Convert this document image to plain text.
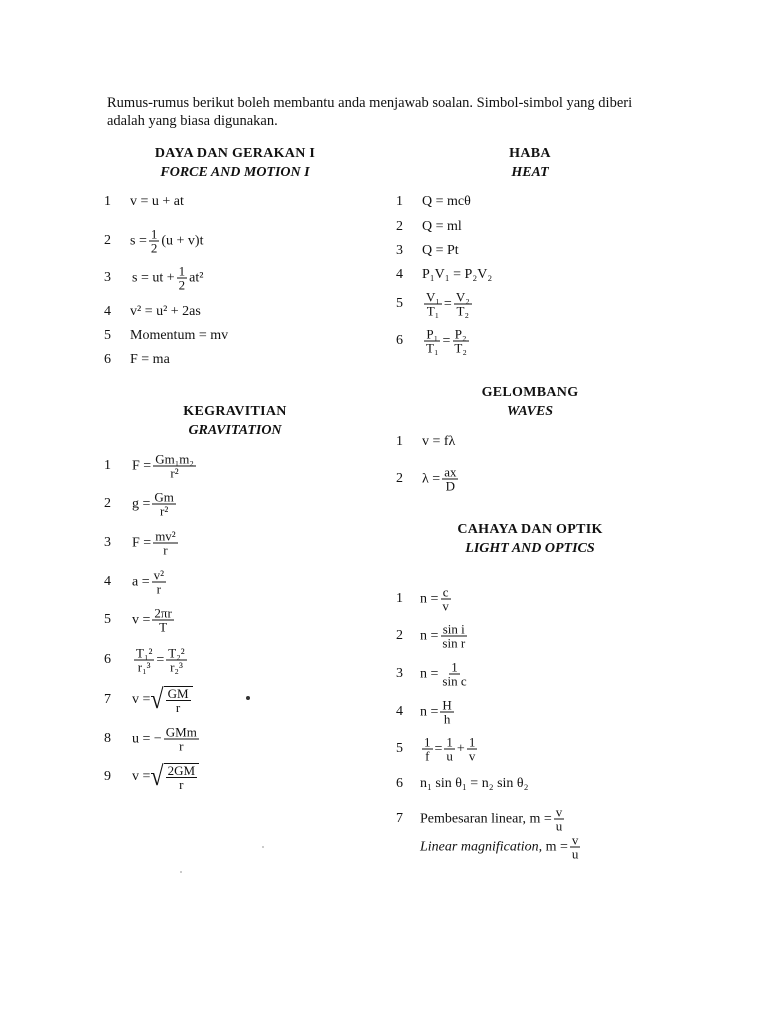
Rumus-rumus berikut boleh membantu anda menjawab soalan. Simbol-simbol yang diberi
adalah yang biasa digunakan.
DAYA DAN GERAKAN I
FORCE AND MOTION I
1 v = u + at
2 $s = \frac{1}{2} (u + v)t$
3 s = ut + $\frac{1}{2} at^2$
4 v² = u² + 2as
5 Momentum = mv
6 F = ma
HABA
HEAT
1 Q = mcθ
2 Q = ml
3 Q = Pt
4 P₁V₁ = P₂V₂
5 V₁
T₁ = V₂
T₂
6 P₁
T₁ = P₂
T₂
GELOMBANG
WAVES
1 v = fλ
2 $\lambda = \frac{ax}{D}$
KEGRAVITIAN
GRAVITATION
1 $F = \frac{\text{Gm₁m₂}}{\text{r²}}$
2 $g = \frac{Gm}{\text{r²}}$
3 $F = \frac{\text{mv²}}{r}$
4 $a = \frac{\text{v²}}{r}$
5 $v = \frac{2\pi r}{T}$
6 T₁²
r₁³ = T₂²
r₂³
7 v = √ GM
r
8 u = − GMm
r
9 v = √ 2GM
r
CAHAYA DAN OPTIK
LIGHT AND OPTICS
1 $n = \frac{c}{v}$
2 $n = \frac{\text{sin i}}{\text{sin r}}$
3 $n = \frac{1}{\text{sin c}}$
4 $n = \frac{H}{h}$
5 1
f = 1
u + 1
v
6 n₁ sin θ₁ = n₂ sin θ₂
7 Pembesaran linear,
$m = \frac{v}{u}$
Linear magnification,
$m = \frac{v}{u}$
